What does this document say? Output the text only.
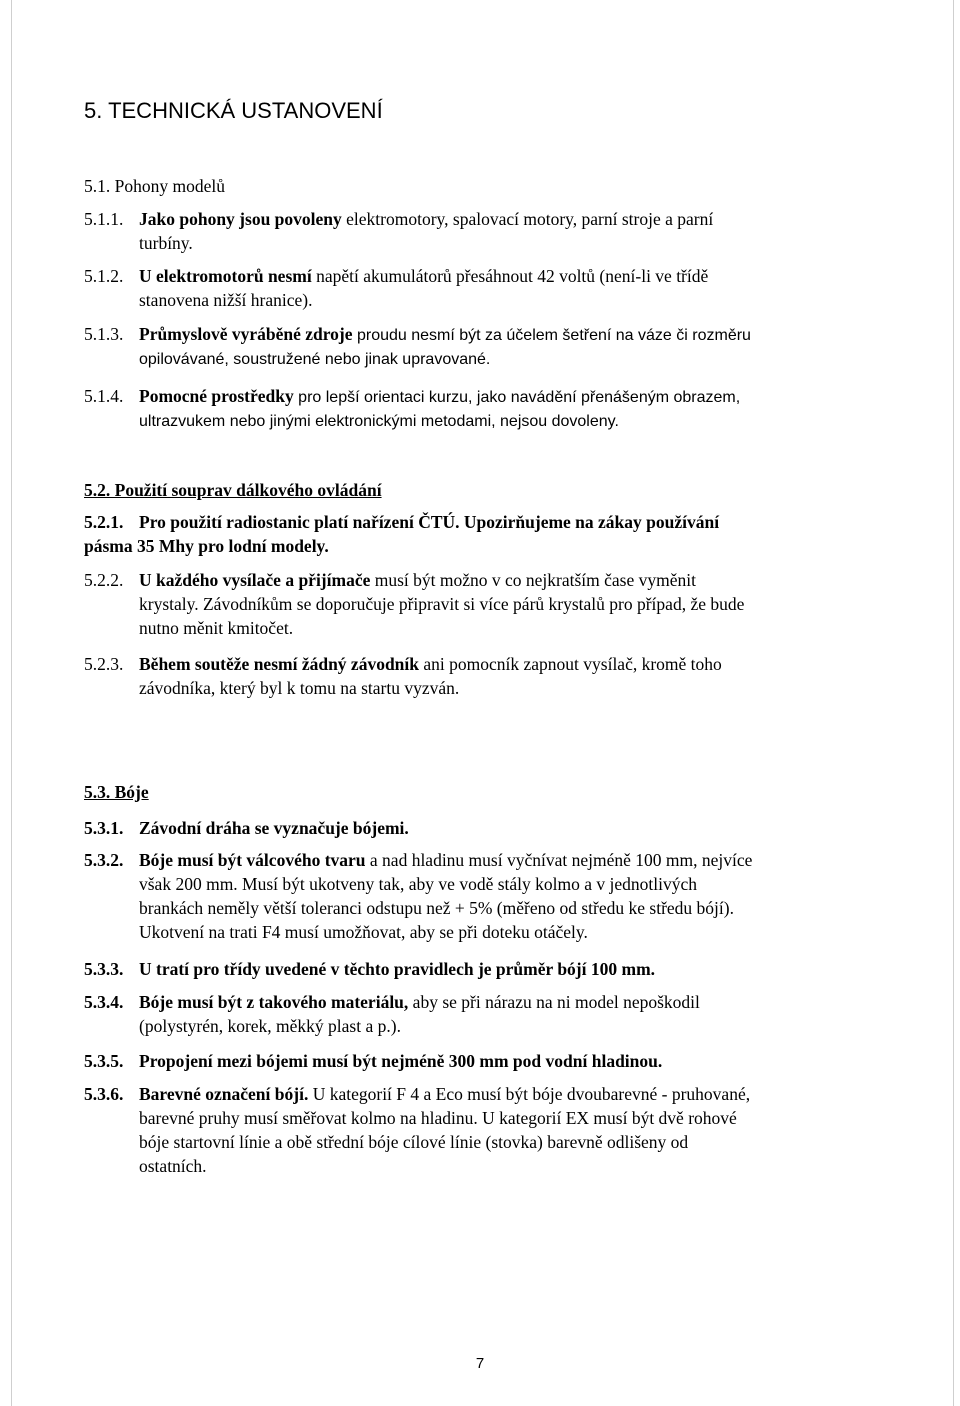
5. TECHNICKÁ USTANOVENÍ
5.1. Pohony modelů
5.1.1. Jako pohony jsou povoleny elektromotory, spalovací motory, parní stroje a parní
turbíny.
5.1.2. U elektromotorů nesmí napětí akumulátorů přesáhnout 42 voltů (není-li ve třídě
stanovena nižší hranice).
5.1.3. Průmyslově vyráběné zdroje proudu nesmí být za účelem šetření na váze či rozměru
opilovávané, soustružené nebo jinak upravované.
5.1.4. Pomocné prostředky pro lepší orientaci kurzu, jako navádění přenášeným obrazem,
ultrazvukem nebo jinými elektronickými metodami, nejsou dovoleny.
5.2. Použití souprav dálkového ovládání
5.2.1. Pro použití radiostanic platí nařízení ČTÚ. Upozirňujeme na zákay používání
pásma 35 Mhy pro lodní modely.
5.2.2. U každého vysílače a přijímače musí být možno v co nejkratším čase vyměnit
krystaly. Závodníkům se doporučuje připravit si více párů krystalů pro případ, že bude
nutno měnit kmitočet.
5.2.3. Během soutěže nesmí žádný závodník ani pomocník zapnout vysílač, kromě toho
závodníka, který byl k tomu na startu vyzván.
5.3. Bóje
5.3.1. Závodní dráha se vyznačuje bójemi.
5.3.2. Bóje musí být válcového tvaru a nad hladinu musí vyčnívat nejméně 100 mm, nejvíce
však 200 mm. Musí být ukotveny tak, aby ve vodě stály kolmo a v jednotlivých
brankách neměly větší toleranci odstupu než + 5% (měřeno od středu ke středu bójí).
Ukotvení na trati F4 musí umožňovat, aby se při doteku otáčely.
5.3.3. U tratí pro třídy uvedené v těchto pravidlech je průměr bójí 100 mm.
5.3.4. Bóje musí být z takového materiálu, aby se při nárazu na ni model nepoškodil
(polystyrén, korek, měkký plast a p.).
5.3.5. Propojení mezi bójemi musí být nejméně 300 mm pod vodní hladinou.
5.3.6. Barevné označení bójí. U kategorií F 4 a Eco musí být bóje dvoubarevné - pruhované,
barevné pruhy musí směřovat kolmo na hladinu. U kategorií EX musí být dvě rohové
bóje startovní línie a obě střední bóje cílové línie (stovka) barevně odlišeny od
ostatních.
7
